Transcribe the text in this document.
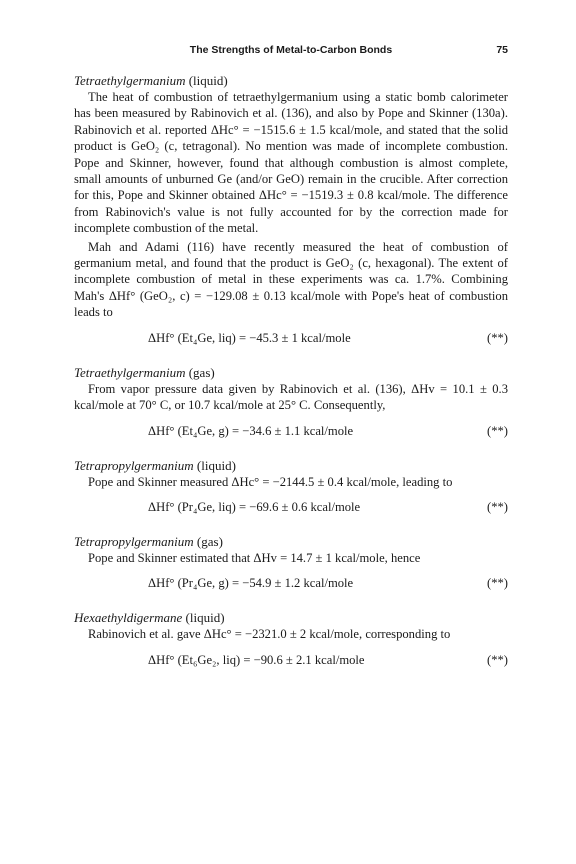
The Strengths of Metal-to-Carbon Bonds	75
Tetraethylgermanium (liquid)

The heat of combustion of tetraethylgermanium using a static bomb calorimeter has been measured by Rabinovich et al. (136), and also by Pope and Skinner (130a). Rabinovich et al. reported ΔHc° = −1515.6 ± 1.5 kcal/mole, and stated that the solid product is GeO₂ (c, tetragonal). No mention was made of incomplete combustion. Pope and Skinner, however, found that although combustion is almost complete, small amounts of unburned Ge (and/or GeO) remain in the crucible. After correction for this, Pope and Skinner obtained ΔHc° = −1519.3 ± 0.8 kcal/mole. The difference from Rabinovich's value is not fully accounted for by the correction made for incomplete combustion of the metal.

Mah and Adami (116) have recently measured the heat of combustion of germanium metal, and found that the product is GeO₂ (c, hexagonal). The extent of incomplete combustion of metal in these experiments was ca. 1.7%. Combining Mah's ΔHf° (GeO₂, c) = −129.08 ± 0.13 kcal/mole with Pope's heat of combustion leads to

ΔHf° (Et₄Ge, liq) = −45.3 ± 1 kcal/mole	(**)
Tetraethylgermanium (gas)

From vapor pressure data given by Rabinovich et al. (136), ΔHv = 10.1 ± 0.3 kcal/mole at 70° C, or 10.7 kcal/mole at 25° C. Consequently,

ΔHf° (Et₄Ge, g) = −34.6 ± 1.1 kcal/mole	(**)
Tetrapropylgermanium (liquid)

Pope and Skinner measured ΔHc° = −2144.5 ± 0.4 kcal/mole, leading to

ΔHf° (Pr₄Ge, liq) = −69.6 ± 0.6 kcal/mole	(**)
Tetrapropylgermanium (gas)

Pope and Skinner estimated that ΔHv = 14.7 ± 1 kcal/mole, hence

ΔHf° (Pr₄Ge, g) = −54.9 ± 1.2 kcal/mole	(**)
Hexaethyldigermane (liquid)

Rabinovich et al. gave ΔHc° = −2321.0 ± 2 kcal/mole, corresponding to

ΔHf° (Et₆Ge₂, liq) = −90.6 ± 2.1 kcal/mole	(**)
